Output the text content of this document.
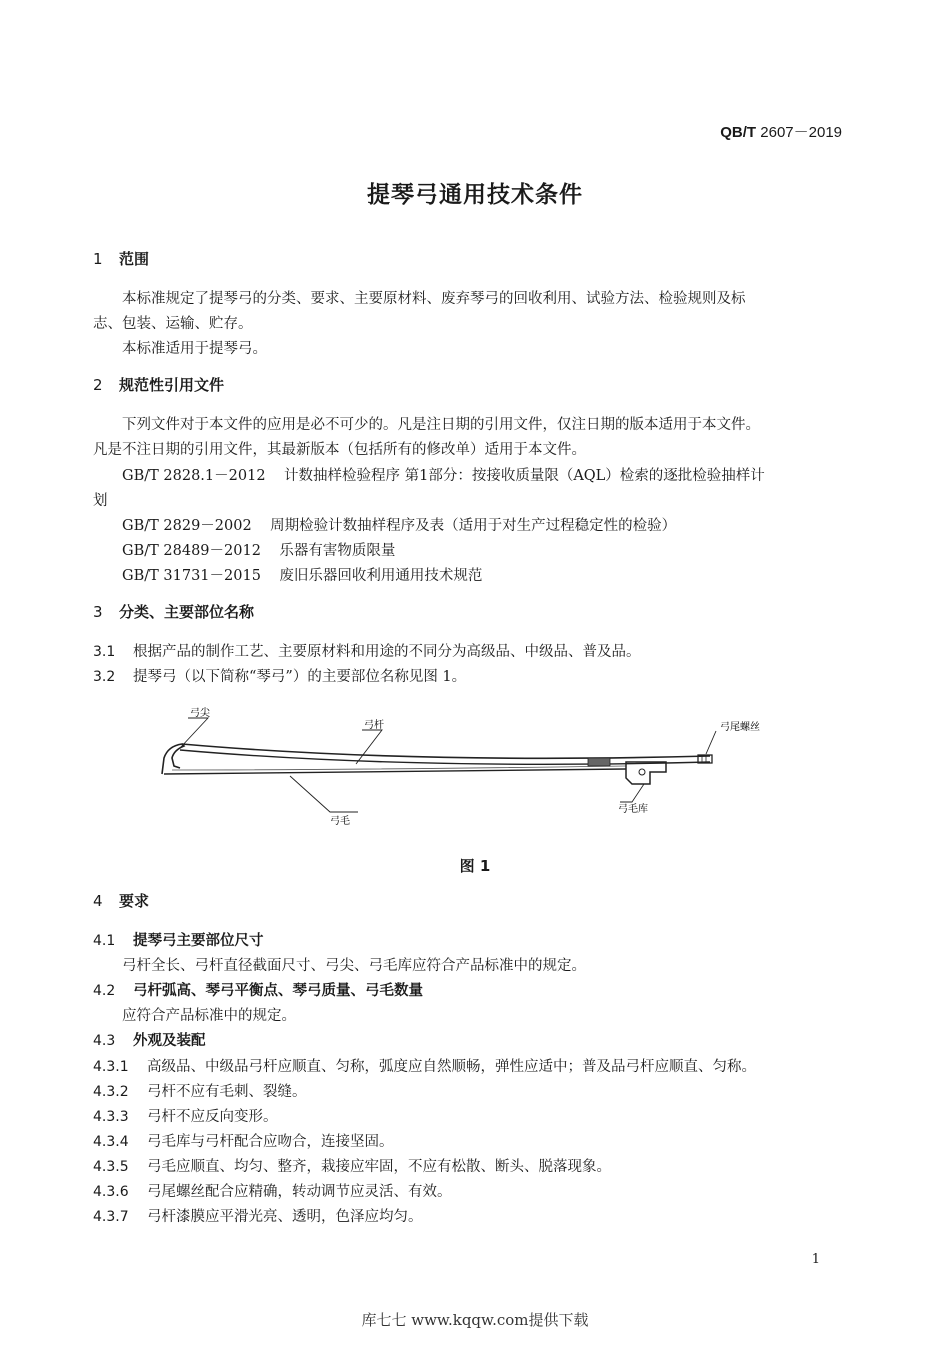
QB/T 2607－2019
提琴弓通用技术条件
1 范围
本标准规定了提琴弓的分类、要求、主要原材料、废弃琴弓的回收利用、试验方法、检验规则及标
志、包装、运输、贮存。
本标准适用于提琴弓。
2 规范性引用文件
下列文件对于本文件的应用是必不可少的。凡是注日期的引用文件，仅注日期的版本适用于本文件。
凡是不注日期的引用文件，其最新版本（包括所有的修改单）适用于本文件。
GB/T 2828.1－2012 计数抽样检验程序 第1部分：按接收质量限（AQL）检索的逐批检验抽样计
划
GB/T 2829－2002 周期检验计数抽样程序及表（适用于对生产过程稳定性的检验）
GB/T 28489－2012 乐器有害物质限量
GB/T 31731－2015 废旧乐器回收利用通用技术规范
3 分类、主要部位名称
3.1 根据产品的制作工艺、主要原材料和用途的不同分为高级品、中级品、普及品。
3.2 提琴弓（以下简称“琴弓”）的主要部位名称见图 1。
弓尖
弓杆	弓尾螺丝
弓毛
弓毛库
图 1
4 要求
4.1 提琴弓主要部位尺寸
弓杆全长、弓杆直径截面尺寸、弓尖、弓毛库应符合产品标准中的规定。
4.2 弓杆弧高、琴弓平衡点、琴弓质量、弓毛数量
应符合产品标准中的规定。
4.3 外观及装配
4.3.1 高级品、中级品弓杆应顺直、匀称，弧度应自然顺畅，弹性应适中；普及品弓杆应顺直、匀称。
4.3.2 弓杆不应有毛刺、裂缝。
4.3.3 弓杆不应反向变形。
4.3.4 弓毛库与弓杆配合应吻合，连接坚固。
4.3.5 弓毛应顺直、均匀、整齐，栽接应牢固，不应有松散、断头、脱落现象。
4.3.6 弓尾螺丝配合应精确，转动调节应灵活、有效。
4.3.7 弓杆漆膜应平滑光亮、透明，色泽应均匀。
1
库七七 www.kqqw.com提供下载
